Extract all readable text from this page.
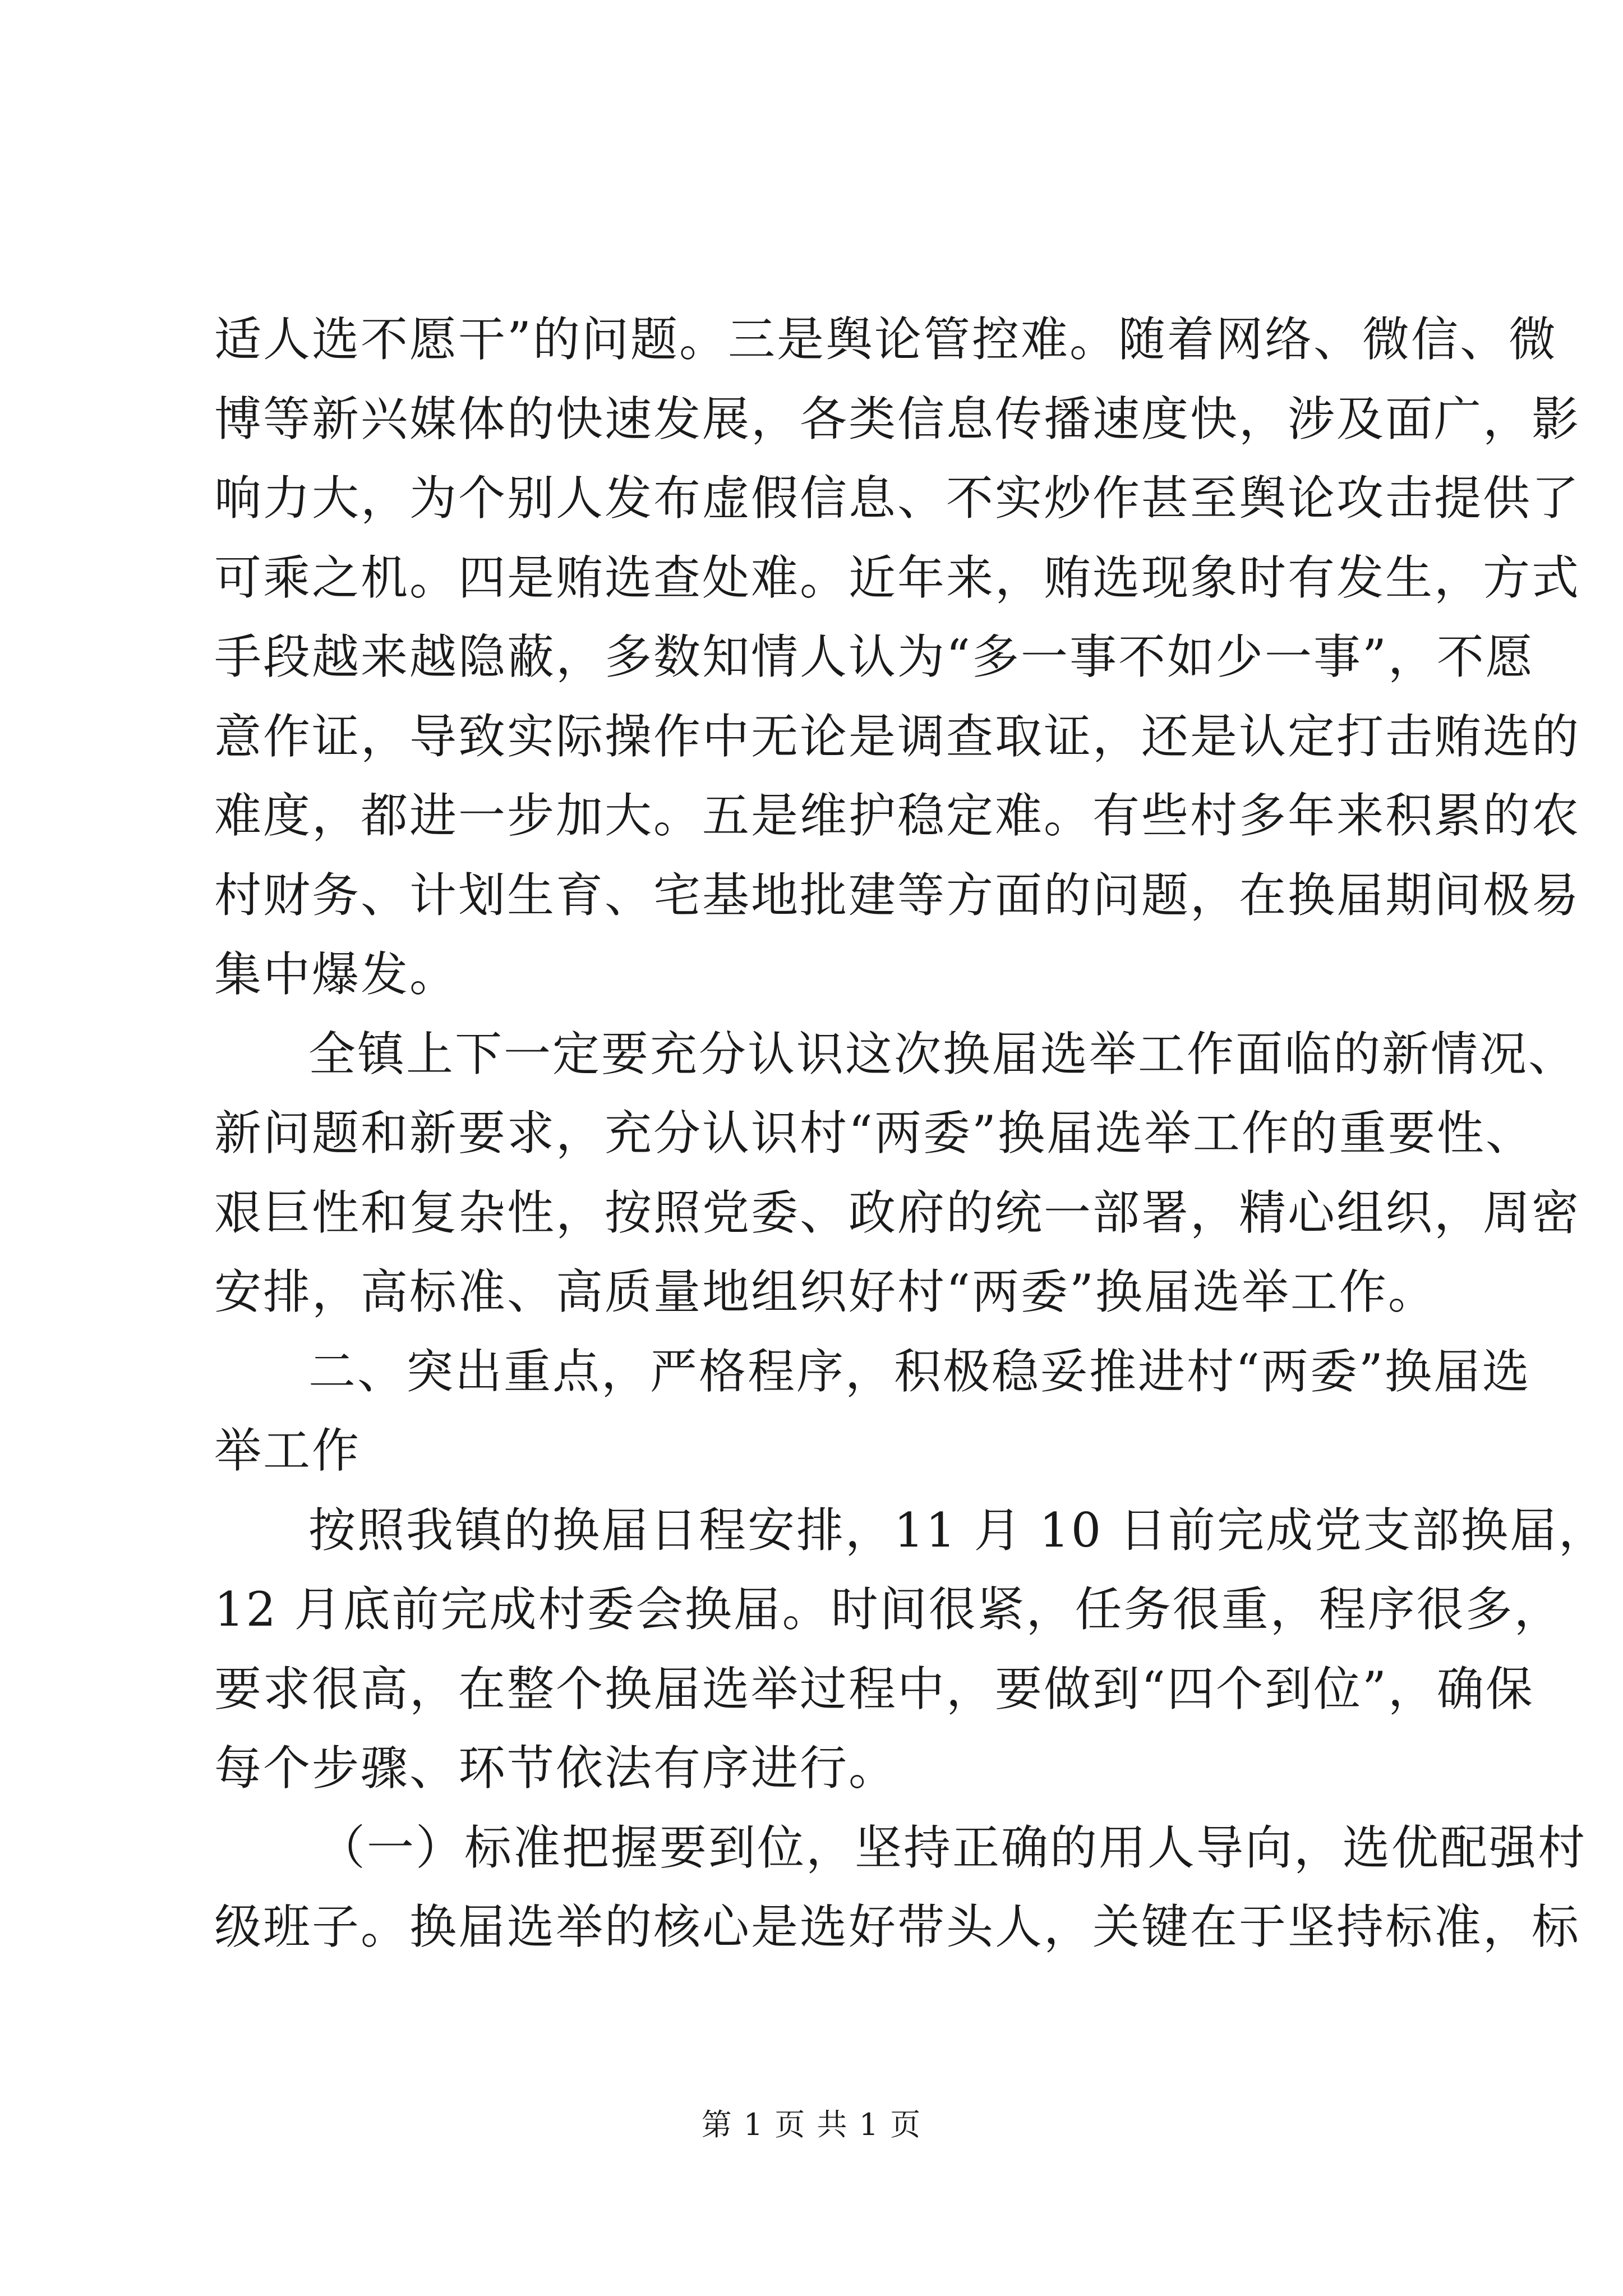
适人选不愿干”的问题。三是舆论管控难。随着网络、微信、微
博等新兴媒体的快速发展，各类信息传播速度快，涉及面广，影
响力大，为个别人发布虚假信息、不实炒作甚至舆论攻击提供了
可乘之机。四是贿选查处难。近年来，贿选现象时有发生，方式
手段越来越隐蔽，多数知情人认为“多一事不如少一事”，不愿
意作证，导致实际操作中无论是调查取证，还是认定打击贿选的
难度，都进一步加大。五是维护稳定难。有些村多年来积累的农
村财务、计划生育、宅基地批建等方面的问题，在换届期间极易
集中爆发。
全镇上下一定要充分认识这次换届选举工作面临的新情况、
新问题和新要求，充分认识村“两委”换届选举工作的重要性、
艰巨性和复杂性，按照党委、政府的统一部署，精心组织，周密
安排，高标准、高质量地组织好村“两委”换届选举工作。
二、突出重点，严格程序，积极稳妥推进村“两委”换届选
举工作
按照我镇的换届日程安排，11 月 10 日前完成党支部换届，
12 月底前完成村委会换届。时间很紧，任务很重，程序很多，
要求很高，在整个换届选举过程中，要做到“四个到位”，确保
每个步骤、环节依法有序进行。
（一）标准把握要到位，坚持正确的用人导向，选优配强村
级班子。换届选举的核心是选好带头人，关键在于坚持标准，标
第 1 页 共 1 页
